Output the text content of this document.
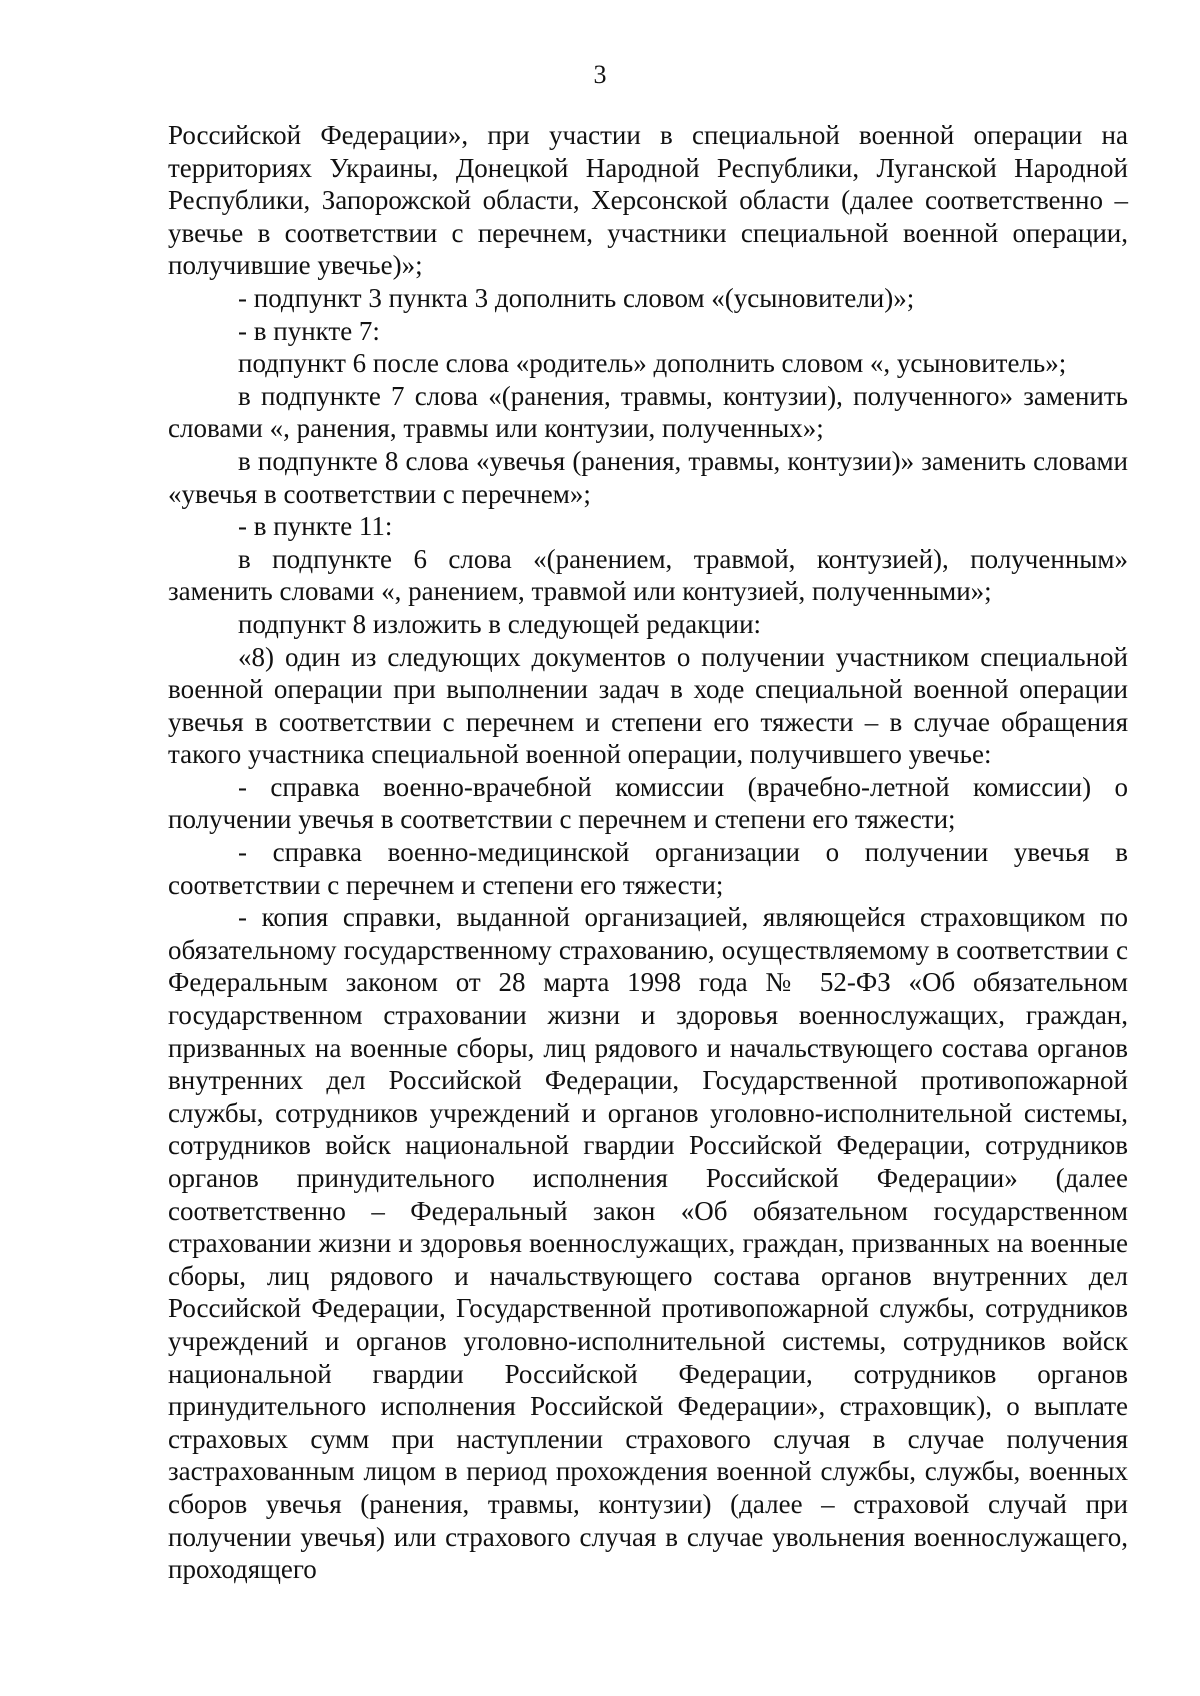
3

Российской Федерации», при участии в специальной военной операции на территориях Украины, Донецкой Народной Республики, Луганской Народной Республики, Запорожской области, Херсонской области (далее соответственно – увечье в соответствии с перечнем, участники специальной военной операции, получившие увечье)»;

- подпункт 3 пункта 3 дополнить словом «(усыновители)»;

- в пункте 7:

подпункт 6 после слова «родитель» дополнить словом «, усыновитель»;

в подпункте 7 слова «(ранения, травмы, контузии), полученного» заменить словами «, ранения, травмы или контузии, полученных»;

в подпункте 8 слова «увечья (ранения, травмы, контузии)» заменить словами «увечья в соответствии с перечнем»;

- в пункте 11:

в подпункте 6 слова «(ранением, травмой, контузией), полученным» заменить словами «, ранением, травмой или контузией, полученными»;

подпункт 8 изложить в следующей редакции:

«8) один из следующих документов о получении участником специальной военной операции при выполнении задач в ходе специальной военной операции увечья в соответствии с перечнем и степени его тяжести – в случае обращения такого участника специальной военной операции, получившего увечье:

- справка военно-врачебной комиссии (врачебно-летной комиссии) о получении увечья в соответствии с перечнем и степени его тяжести;

- справка военно-медицинской организации о получении увечья в соответствии с перечнем и степени его тяжести;

- копия справки, выданной организацией, являющейся страховщиком по обязательному государственному страхованию, осуществляемому в соответствии с Федеральным законом от 28 марта 1998 года № 52-ФЗ «Об обязательном государственном страховании жизни и здоровья военнослужащих, граждан, призванных на военные сборы, лиц рядового и начальствующего состава органов внутренних дел Российской Федерации, Государственной противопожарной службы, сотрудников учреждений и органов уголовно-исполнительной системы, сотрудников войск национальной гвардии Российской Федерации, сотрудников органов принудительного исполнения Российской Федерации» (далее соответственно – Федеральный закон «Об обязательном государственном страховании жизни и здоровья военнослужащих, граждан, призванных на военные сборы, лиц рядового и начальствующего состава органов внутренних дел Российской Федерации, Государственной противопожарной службы, сотрудников учреждений и органов уголовно-исполнительной системы, сотрудников войск национальной гвардии Российской Федерации, сотрудников органов принудительного исполнения Российской Федерации», страховщик), о выплате страховых сумм при наступлении страхового случая в случае получения застрахованным лицом в период прохождения военной службы, службы, военных сборов увечья (ранения, травмы, контузии) (далее – страховой случай при получении увечья) или страхового случая в случае увольнения военнослужащего, проходящего
